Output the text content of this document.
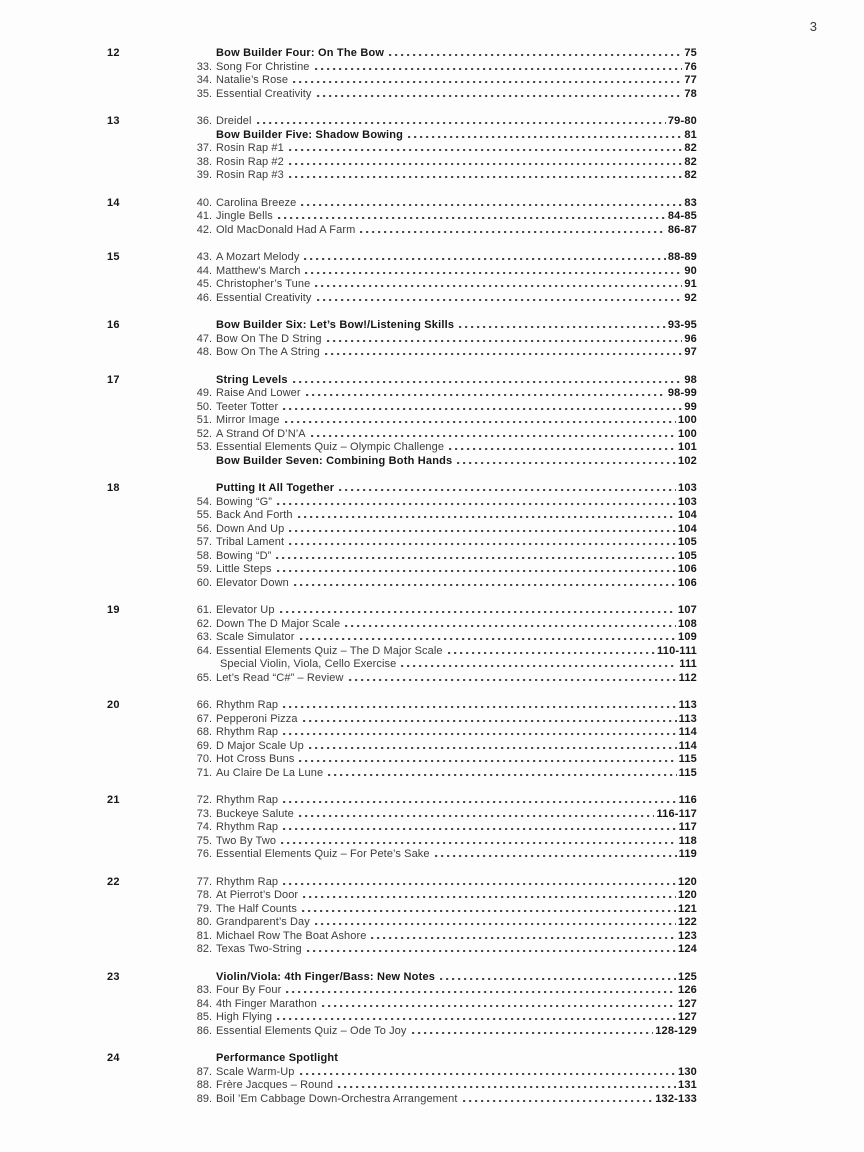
3
12	Bow Builder Four: On The Bow	75
33. Song For Christine	76
34. Natalie’s Rose	77
35. Essential Creativity	78
13	36. Dreidel	79-80
Bow Builder Five: Shadow Bowing	81
37. Rosin Rap #1	82
38. Rosin Rap #2	82
39. Rosin Rap #3	82
14	40. Carolina Breeze	83
41. Jingle Bells	84-85
42. Old MacDonald Had A Farm	86-87
15	43. A Mozart Melody	88-89
44. Matthew’s March	90
45. Christopher’s Tune	91
46. Essential Creativity	92
16	Bow Builder Six: Let’s Bow!/Listening Skills	93-95
47. Bow On The D String	96
48. Bow On The A String	97
17	String Levels	98
49. Raise And Lower	98-99
50. Teeter Totter	99
51. Mirror Image	100
52. A Strand Of D’N’A	100
53. Essential Elements Quiz – Olympic Challenge	101
Bow Builder Seven: Combining Both Hands	102
18	Putting It All Together	103
54. Bowing “G”	103
55. Back And Forth	104
56. Down And Up	104
57. Tribal Lament	105
58. Bowing “D”	105
59. Little Steps	106
60. Elevator Down	106
19	61. Elevator Up	107
62. Down The D Major Scale	108
63. Scale Simulator	109
64. Essential Elements Quiz – The D Major Scale	110-111
Special Violin, Viola, Cello Exercise	111
65. Let’s Read “C#” – Review	112
20	66. Rhythm Rap	113
67. Pepperoni Pizza	113
68. Rhythm Rap	114
69. D Major Scale Up	114
70. Hot Cross Buns	115
71. Au Claire De La Lune	115
21	72. Rhythm Rap	116
73. Buckeye Salute	116-117
74. Rhythm Rap	117
75. Two By Two	118
76. Essential Elements Quiz – For Pete’s Sake	119
22	77. Rhythm Rap	120
78. At Pierrot’s Door	120
79. The Half Counts	121
80. Grandparent’s Day	122
81. Michael Row The Boat Ashore	123
82. Texas Two-String	124
23	Violin/Viola: 4th Finger/Bass: New Notes	125
83. Four By Four	126
84. 4th Finger Marathon	127
85. High Flying	127
86. Essential Elements Quiz – Ode To Joy	128-129
24	Performance Spotlight
87. Scale Warm-Up	130
88. Frère Jacques – Round	131
89. Boil ’Em Cabbage Down-Orchestra Arrangement	132-133
